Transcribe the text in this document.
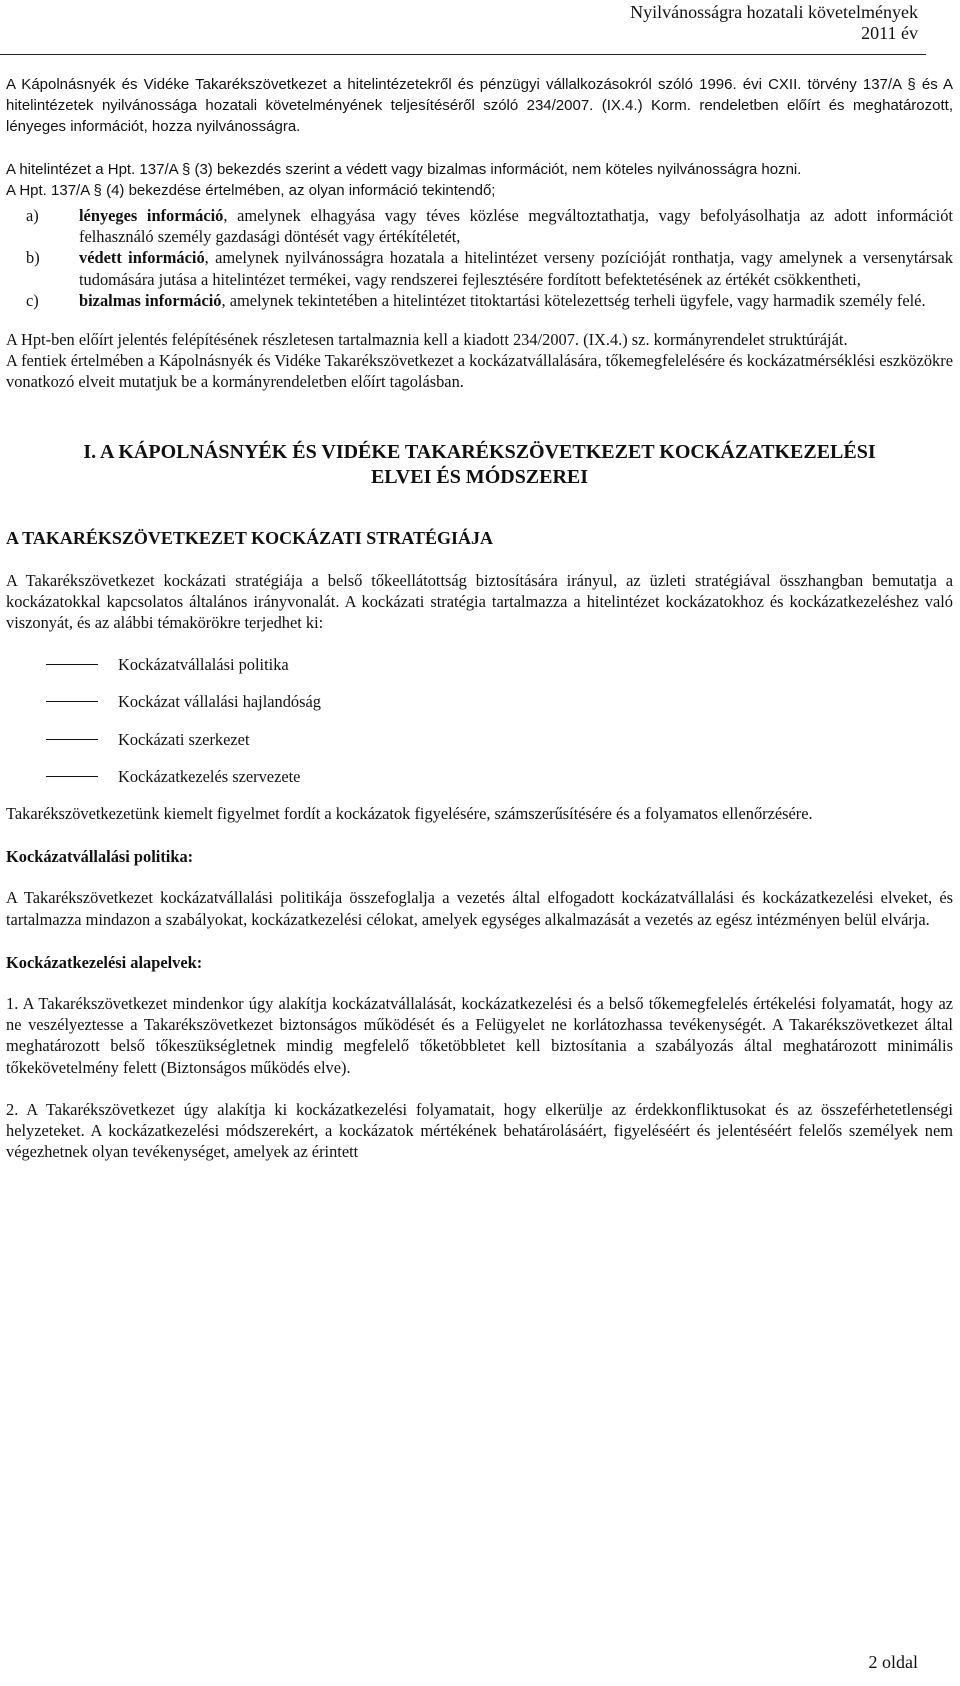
Nyilvánosságra hozatali követelmények
2011 év

A Kápolnásnyék és Vidéke Takarékszövetkezet a hitelintézetekről és pénzügyi vállalkozásokról szóló 1996. évi CXII. törvény 137/A § és A hitelintézetek nyilvánossága hozatali követelményének teljesítéséről szóló 234/2007. (IX.4.) Korm. rendeletben előírt és meghatározott, lényeges információt, hozza nyilvánosságra.

A hitelintézet a Hpt. 137/A § (3) bekezdés szerint a védett vagy bizalmas információt, nem köteles nyilvánosságra hozni.

A Hpt. 137/A § (4) bekezdése értelmében, az olyan információ tekintendő;

a) lényeges információ, amelynek elhagyása vagy téves közlése megváltoztathatja, vagy befolyásolhatja az adott információt felhasználó személy gazdasági döntését vagy értékítéletét,

b) védett információ, amelynek nyilvánosságra hozatala a hitelintézet verseny pozícióját ronthatja, vagy amelynek a versenytársak tudomására jutása a hitelintézet termékei, vagy rendszerei fejlesztésére fordított befektetésének az értékét csökkentheti,

c) bizalmas információ, amelynek tekintetében a hitelintézet titoktartási kötelezettség terheli ügyfele, vagy harmadik személy felé.

A Hpt-ben előírt jelentés felépítésének részletesen tartalmaznia kell a kiadott 234/2007. (IX.4.) sz. kormányrendelet struktúráját.

A fentiek értelmében a Kápolnásnyék és Vidéke Takarékszövetkezet a kockázatvállalására, tőkemegfelelésére és kockázatmérséklési eszközökre vonatkozó elveit mutatjuk be a kormányrendeletben előírt tagolásban.

I. A KÁPOLNÁSNYÉK ÉS VIDÉKE TAKARÉKSZÖVETKEZET KOCKÁZATKEZELÉSI
ELVEI ÉS MÓDSZEREI

A TAKARÉKSZÖVETKEZET KOCKÁZATI STRATÉGIÁJA

A Takarékszövetkezet kockázati stratégiája a belső tőkeellátottság biztosítására irányul, az üzleti stratégiával összhangban bemutatja a kockázatokkal kapcsolatos általános irányvonalát. A kockázati stratégia tartalmazza a hitelintézet kockázatokhoz és kockázatkezeléshez való viszonyát, és az alábbi témakörökre terjedhet ki:

Kockázatvállalási politika
Kockázat vállalási hajlandóság
Kockázati szerkezet
Kockázatkezelés szervezete

Takarékszövetkezetünk kiemelt figyelmet fordít a kockázatok figyelésére, számszerűsítésére és a folyamatos ellenőrzésére.

Kockázatvállalási politika:

A Takarékszövetkezet kockázatvállalási politikája összefoglalja a vezetés által elfogadott kockázatvállalási és kockázatkezelési elveket, és tartalmazza mindazon a szabályokat, kockázatkezelési célokat, amelyek egységes alkalmazását a vezetés az egész intézményen belül elvárja.

Kockázatkezelési alapelvek:

1. A Takarékszövetkezet mindenkor úgy alakítja kockázatvállalását, kockázatkezelési és a belső tőkemegfelelés értékelési folyamatát, hogy az ne veszélyeztesse a Takarékszövetkezet biztonságos működését és a Felügyelet ne korlátozhassa tevékenységét. A Takarékszövetkezet által meghatározott belső tőkeszükségletnek mindig megfelelő tőketöbbletet kell biztosítania a szabályozás által meghatározott minimális tőkekövetelmény felett (Biztonságos működés elve).

2. A Takarékszövetkezet úgy alakítja ki kockázatkezelési folyamatait, hogy elkerülje az érdekkonfliktusokat és az összeférhetetlenségi helyzeteket. A kockázatkezelési módszerekért, a kockázatok mértékének behatárolásáért, figyeléséért és jelentéséért felelős személyek nem végezhetnek olyan tevékenységet, amelyek az érintett

2 oldal
